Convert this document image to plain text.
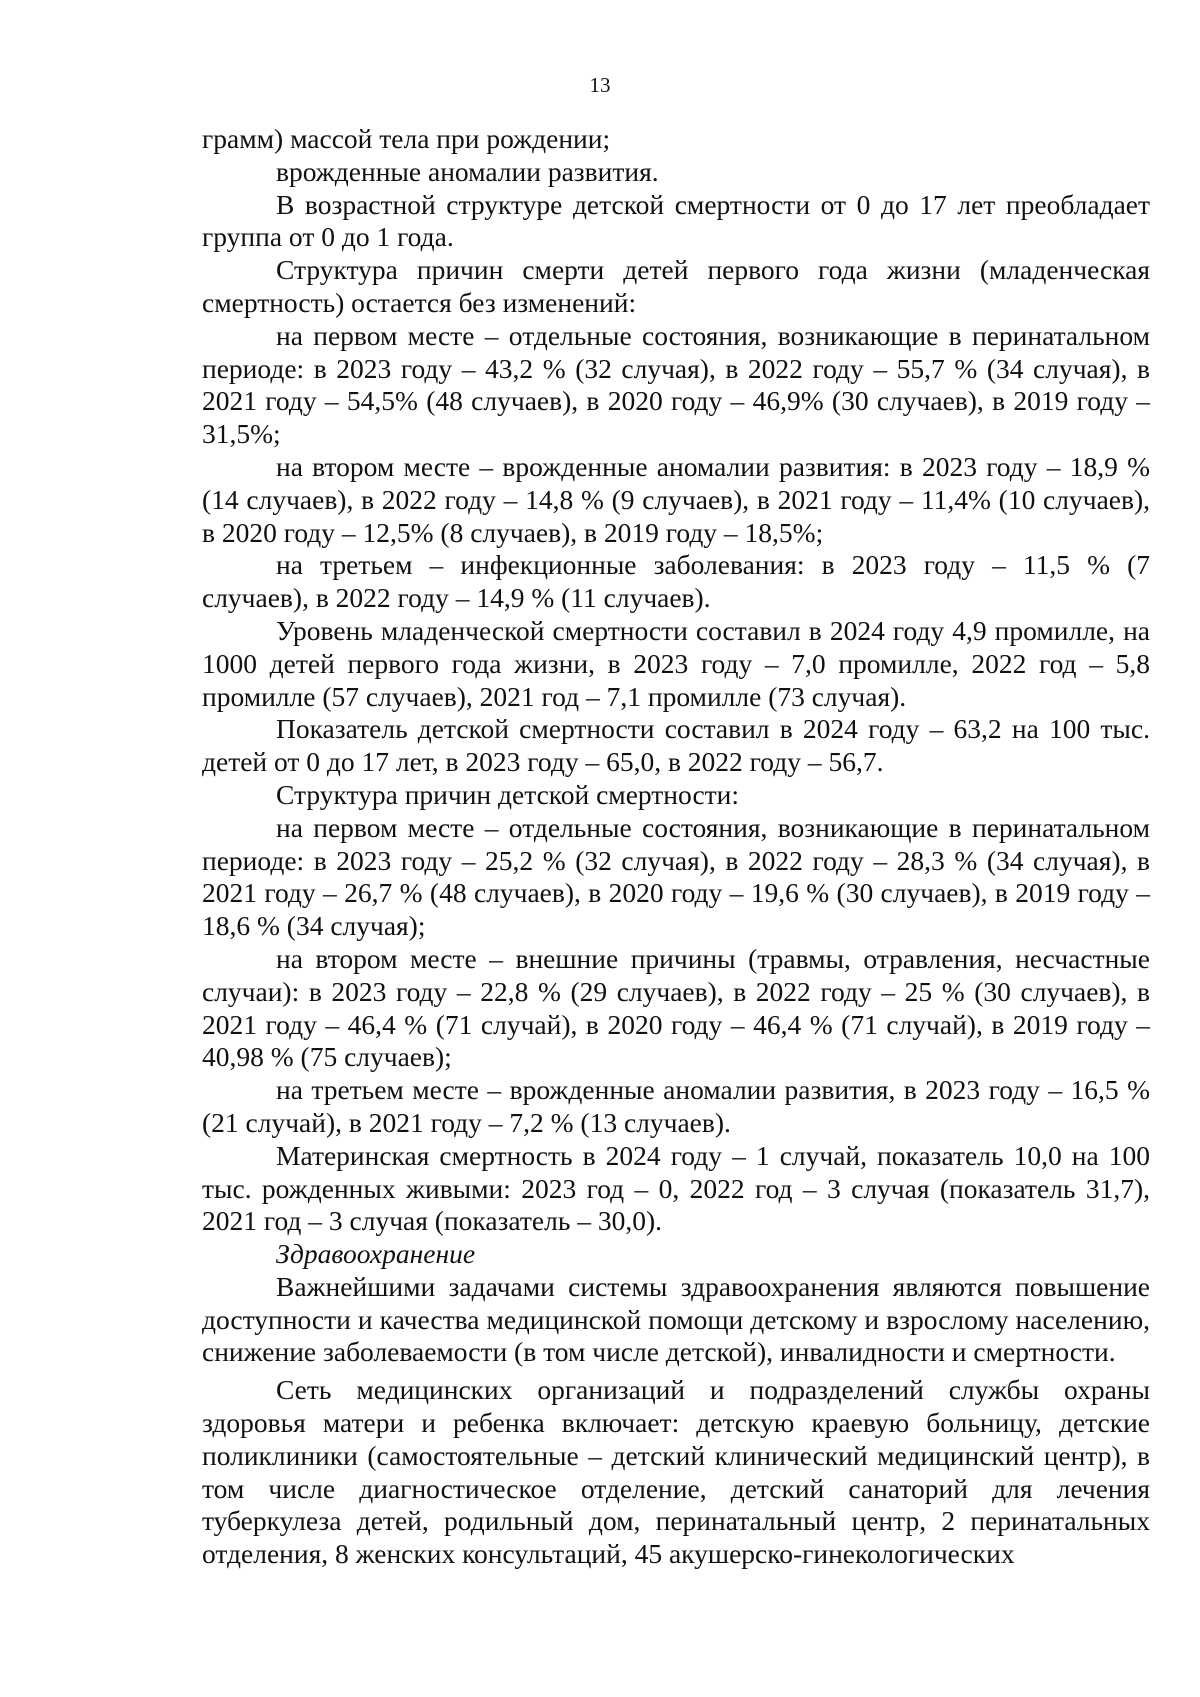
13

грамм) массой тела при рождении;

врожденные аномалии развития.

В возрастной структуре детской смертности от 0 до 17 лет преобладает группа от 0 до 1 года.

Структура причин смерти детей первого года жизни (младенческая смертность) остается без изменений:

на первом месте – отдельные состояния, возникающие в перинатальном периоде: в 2023 году – 43,2 % (32 случая), в 2022 году – 55,7 % (34 случая), в 2021 году – 54,5% (48 случаев), в 2020 году – 46,9% (30 случаев), в 2019 году – 31,5%;

на втором месте – врожденные аномалии развития: в 2023 году – 18,9 % (14 случаев), в 2022 году – 14,8 % (9 случаев), в 2021 году – 11,4% (10 случаев), в 2020 году – 12,5% (8 случаев), в 2019 году – 18,5%;

на третьем – инфекционные заболевания: в 2023 году – 11,5 % (7 случаев), в 2022 году – 14,9 % (11 случаев).

Уровень младенческой смертности составил в 2024 году 4,9 промилле, на 1000 детей первого года жизни, в 2023 году – 7,0 промилле, 2022 год – 5,8 промилле (57 случаев), 2021 год – 7,1 промилле (73 случая).

Показатель детской смертности составил в 2024 году – 63,2 на 100 тыс. детей от 0 до 17 лет, в 2023 году – 65,0, в 2022 году – 56,7.

Структура причин детской смертности:

на первом месте – отдельные состояния, возникающие в перинатальном периоде: в 2023 году – 25,2 % (32 случая), в 2022 году – 28,3 % (34 случая), в 2021 году – 26,7 % (48 случаев), в 2020 году – 19,6 % (30 случаев), в 2019 году – 18,6 % (34 случая);

на втором месте – внешние причины (травмы, отравления, несчастные случаи): в 2023 году – 22,8 % (29 случаев), в 2022 году – 25 % (30 случаев), в 2021 году – 46,4 % (71 случай), в 2020 году – 46,4 % (71 случай), в 2019 году – 40,98 % (75 случаев);

на третьем месте – врожденные аномалии развития, в 2023 году – 16,5 % (21 случай), в 2021 году – 7,2 % (13 случаев).

Материнская смертность в 2024 году – 1 случай, показатель 10,0 на 100 тыс. рожденных живыми: 2023 год – 0, 2022 год – 3 случая (показатель 31,7), 2021 год – 3 случая (показатель – 30,0).

Здравоохранение

Важнейшими задачами системы здравоохранения являются повышение доступности и качества медицинской помощи детскому и взрослому населению, снижение заболеваемости (в том числе детской), инвалидности и смертности.

Сеть медицинских организаций и подразделений службы охраны здоровья матери и ребенка включает: детскую краевую больницу, детские поликлиники (самостоятельные – детский клинический медицинский центр), в том числе диагностическое отделение, детский санаторий для лечения туберкулеза детей, родильный дом, перинатальный центр, 2 перинатальных отделения, 8 женских консультаций, 45 акушерско-гинекологических
